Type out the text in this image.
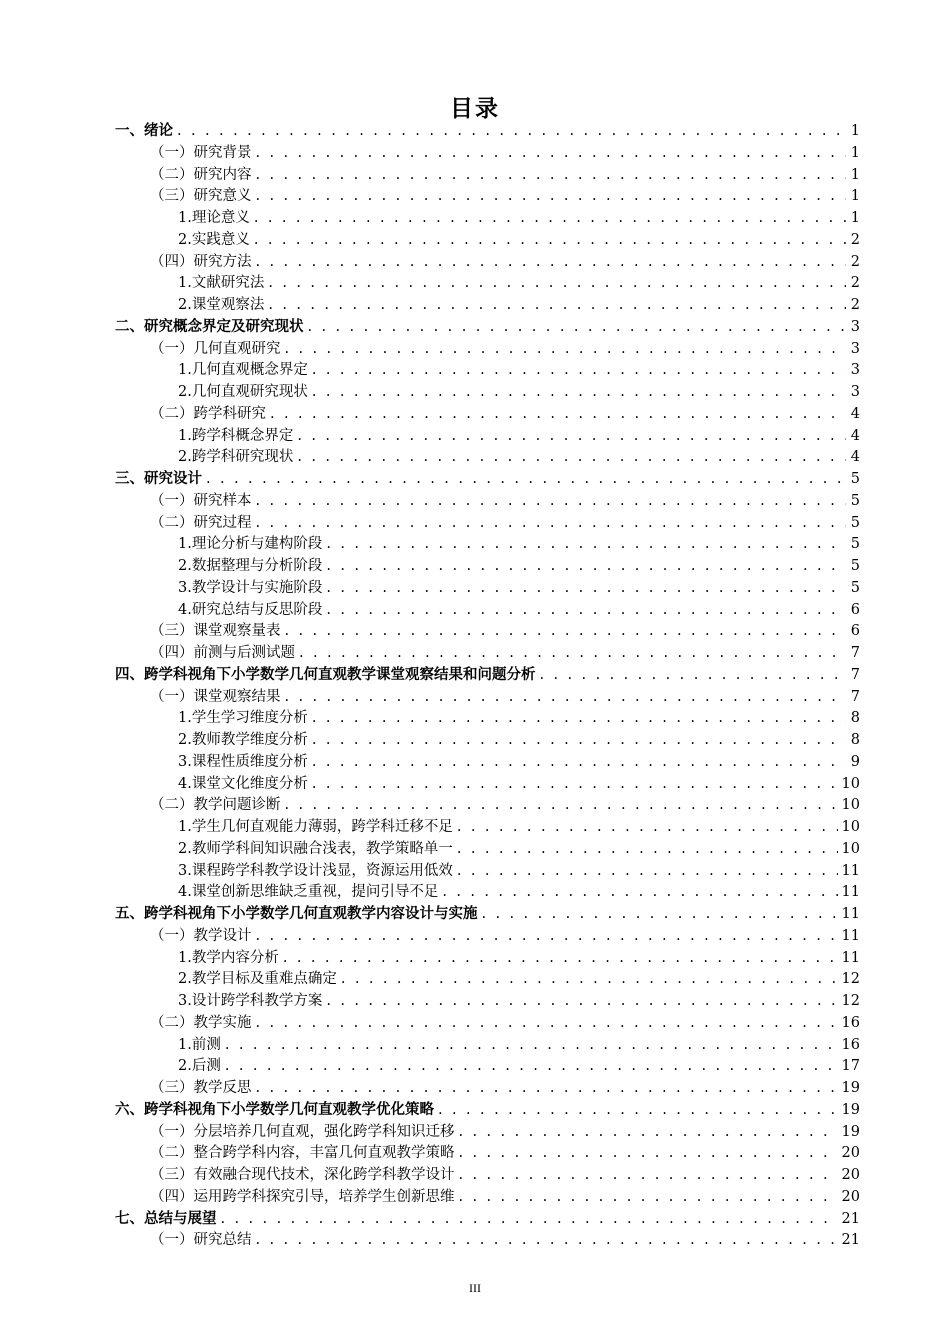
目录
一、绪论 . . .	1
（一）研究背景 . . .	1
（二）研究内容 . . .	1
（三）研究意义 . . .	1
1.理论意义 . . .	1
2.实践意义 . . .	2
（四）研究方法 . . .	2
1.文献研究法 . . .	2
2.课堂观察法 . . .	2
二、研究概念界定及研究现状 . . .	3
（一）几何直观研究 . . .	3
1.几何直观概念界定 . . .	3
2.几何直观研究现状 . . .	3
（二）跨学科研究 . . .	4
1.跨学科概念界定 . . .	4
2.跨学科研究现状 . . .	4
三、研究设计 . . .	5
（一）研究样本 . . .	5
（二）研究过程 . . .	5
1.理论分析与建构阶段 . . .	5
2.数据整理与分析阶段 . . .	5
3.教学设计与实施阶段 . . .	5
4.研究总结与反思阶段 . . .	6
（三）课堂观察量表 . . .	6
（四）前测与后测试题 . . .	7
四、跨学科视角下小学数学几何直观教学课堂观察结果和问题分析 . . .	7
（一）课堂观察结果 . . .	7
1.学生学习维度分析 . . .	8
2.教师教学维度分析 . . .	8
3.课程性质维度分析 . . .	9
4.课堂文化维度分析 . . .	10
（二）教学问题诊断 . . .	10
1.学生几何直观能力薄弱，跨学科迁移不足 . . .	10
2.教师学科间知识融合浅表，教学策略单一 . . .	10
3.课程跨学科教学设计浅显，资源运用低效 . . .	11
4.课堂创新思维缺乏重视，提问引导不足 . . .	11
五、跨学科视角下小学数学几何直观教学内容设计与实施 . . .	11
（一）教学设计 . . .	11
1.教学内容分析 . . .	11
2.教学目标及重难点确定 . . .	12
3.设计跨学科教学方案 . . .	12
（二）教学实施 . . .	16
1.前测 . . .	16
2.后测 . . .	17
（三）教学反思 . . .	19
六、跨学科视角下小学数学几何直观教学优化策略 . . .	19
（一）分层培养几何直观，强化跨学科知识迁移 . . .	19
（二）整合跨学科内容，丰富几何直观教学策略 . . .	20
（三）有效融合现代技术，深化跨学科教学设计 . . .	20
（四）运用跨学科探究引导，培养学生创新思维 . . .	20
七、总结与展望 . . .	21
（一）研究总结 . . .	21
III
